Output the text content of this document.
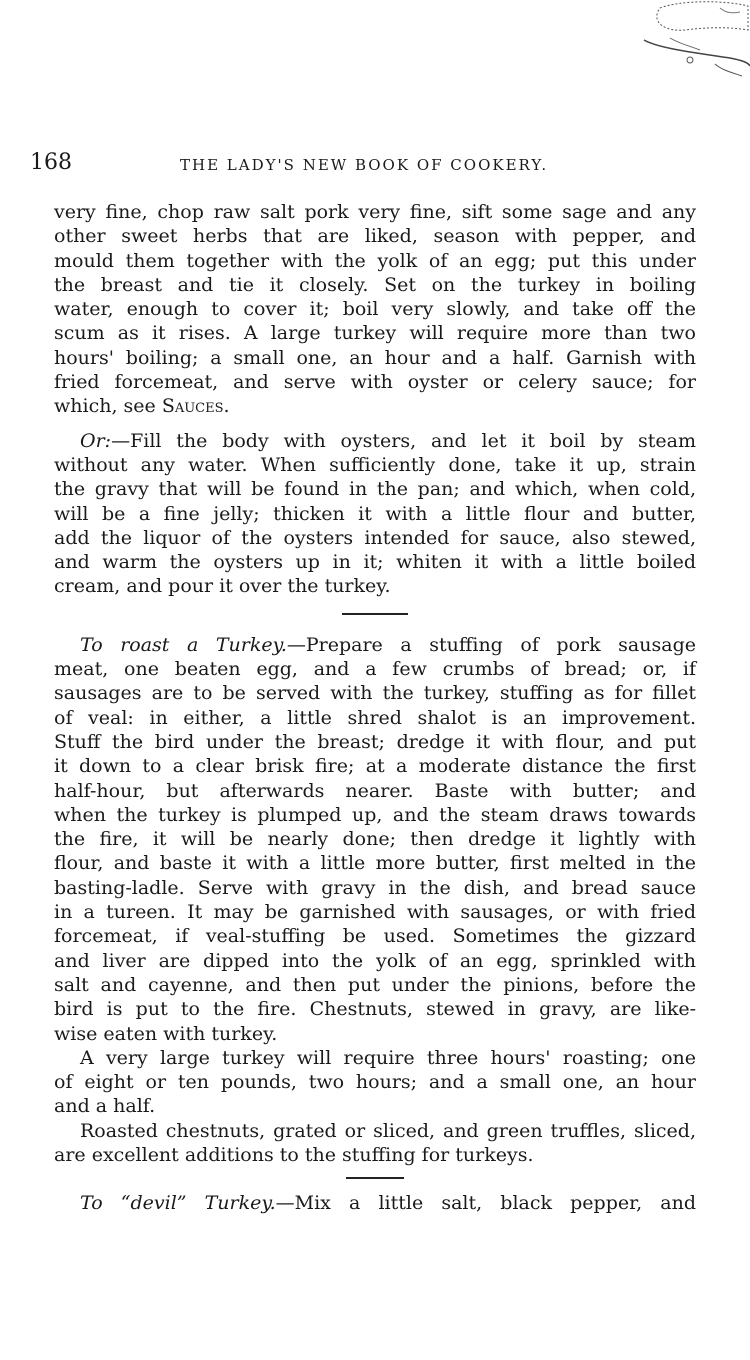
168	THE LADY'S NEW BOOK OF COOKERY.
very fine, chop raw salt pork very fine, sift some sage and any
other sweet herbs that are liked, season with pepper, and
mould them together with the yolk of an egg; put this under
the breast and tie it closely. Set on the turkey in boiling
water, enough to cover it; boil very slowly, and take off the
scum as it rises. A large turkey will require more than two
hours' boiling; a small one, an hour and a half. Garnish with
fried forcemeat, and serve with oyster or celery sauce; for
which, see Sauces.
Or:—Fill the body with oysters, and let it boil by steam
without any water. When sufficiently done, take it up, strain
the gravy that will be found in the pan; and which, when cold,
will be a fine jelly; thicken it with a little flour and butter,
add the liquor of the oysters intended for sauce, also stewed,
and warm the oysters up in it; whiten it with a little boiled
cream, and pour it over the turkey.
To roast a Turkey.—Prepare a stuffing of pork sausage
meat, one beaten egg, and a few crumbs of bread; or, if
sausages are to be served with the turkey, stuffing as for fillet
of veal: in either, a little shred shalot is an improvement.
Stuff the bird under the breast; dredge it with flour, and put
it down to a clear brisk fire; at a moderate distance the first
half-hour, but afterwards nearer. Baste with butter; and
when the turkey is plumped up, and the steam draws towards
the fire, it will be nearly done; then dredge it lightly with
flour, and baste it with a little more butter, first melted in the
basting-ladle. Serve with gravy in the dish, and bread sauce
in a tureen. It may be garnished with sausages, or with fried
forcemeat, if veal-stuffing be used. Sometimes the gizzard
and liver are dipped into the yolk of an egg, sprinkled with
salt and cayenne, and then put under the pinions, before the
bird is put to the fire. Chestnuts, stewed in gravy, are like-
wise eaten with turkey.
A very large turkey will require three hours' roasting; one
of eight or ten pounds, two hours; and a small one, an hour
and a half.
Roasted chestnuts, grated or sliced, and green truffles, sliced,
are excellent additions to the stuffing for turkeys.
To “devil” Turkey.—Mix a little salt, black pepper, and
